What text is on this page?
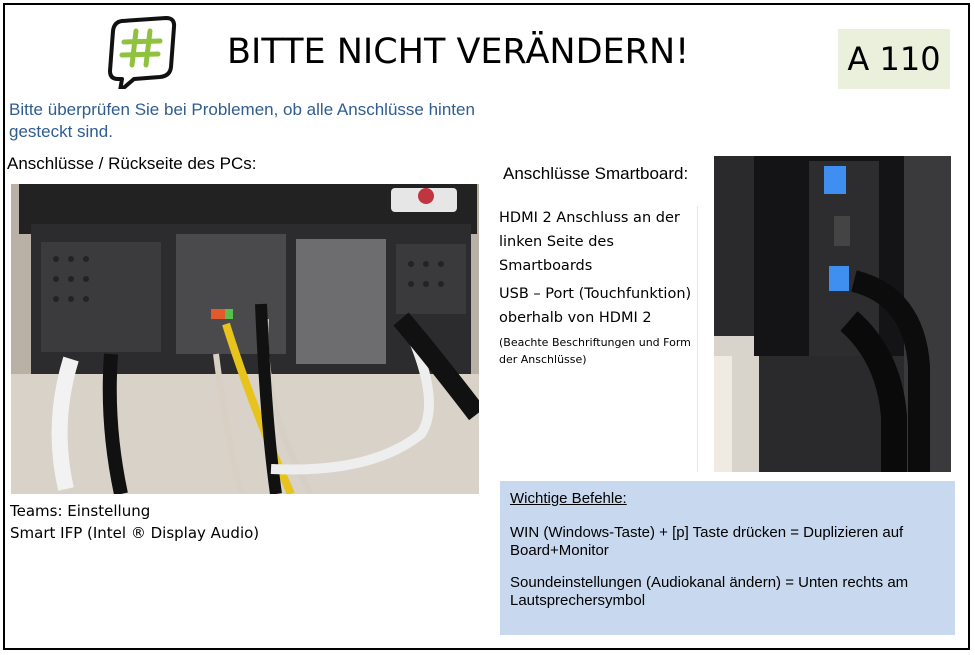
BITTE NICHT VERÄNDERN!	A 110
Bitte überprüfen Sie bei Problemen, ob alle Anschlüsse hinten gesteckt sind.
Anschlüsse / Rückseite des PCs:
Teams: Einstellung
Smart IFP (Intel ® Display Audio)
Anschlüsse Smartboard:

HDMI 2 Anschluss an der linken Seite des Smartboards

USB – Port (Touchfunktion) oberhalb von HDMI 2

(Beachte Beschriftungen und Form der Anschlüsse)

Wichtige Befehle:

WIN (Windows-Taste) + [p] Taste drücken = Duplizieren auf Board+Monitor

Soundeinstellungen (Audiokanal ändern) = Unten rechts am Lautsprechersymbol
